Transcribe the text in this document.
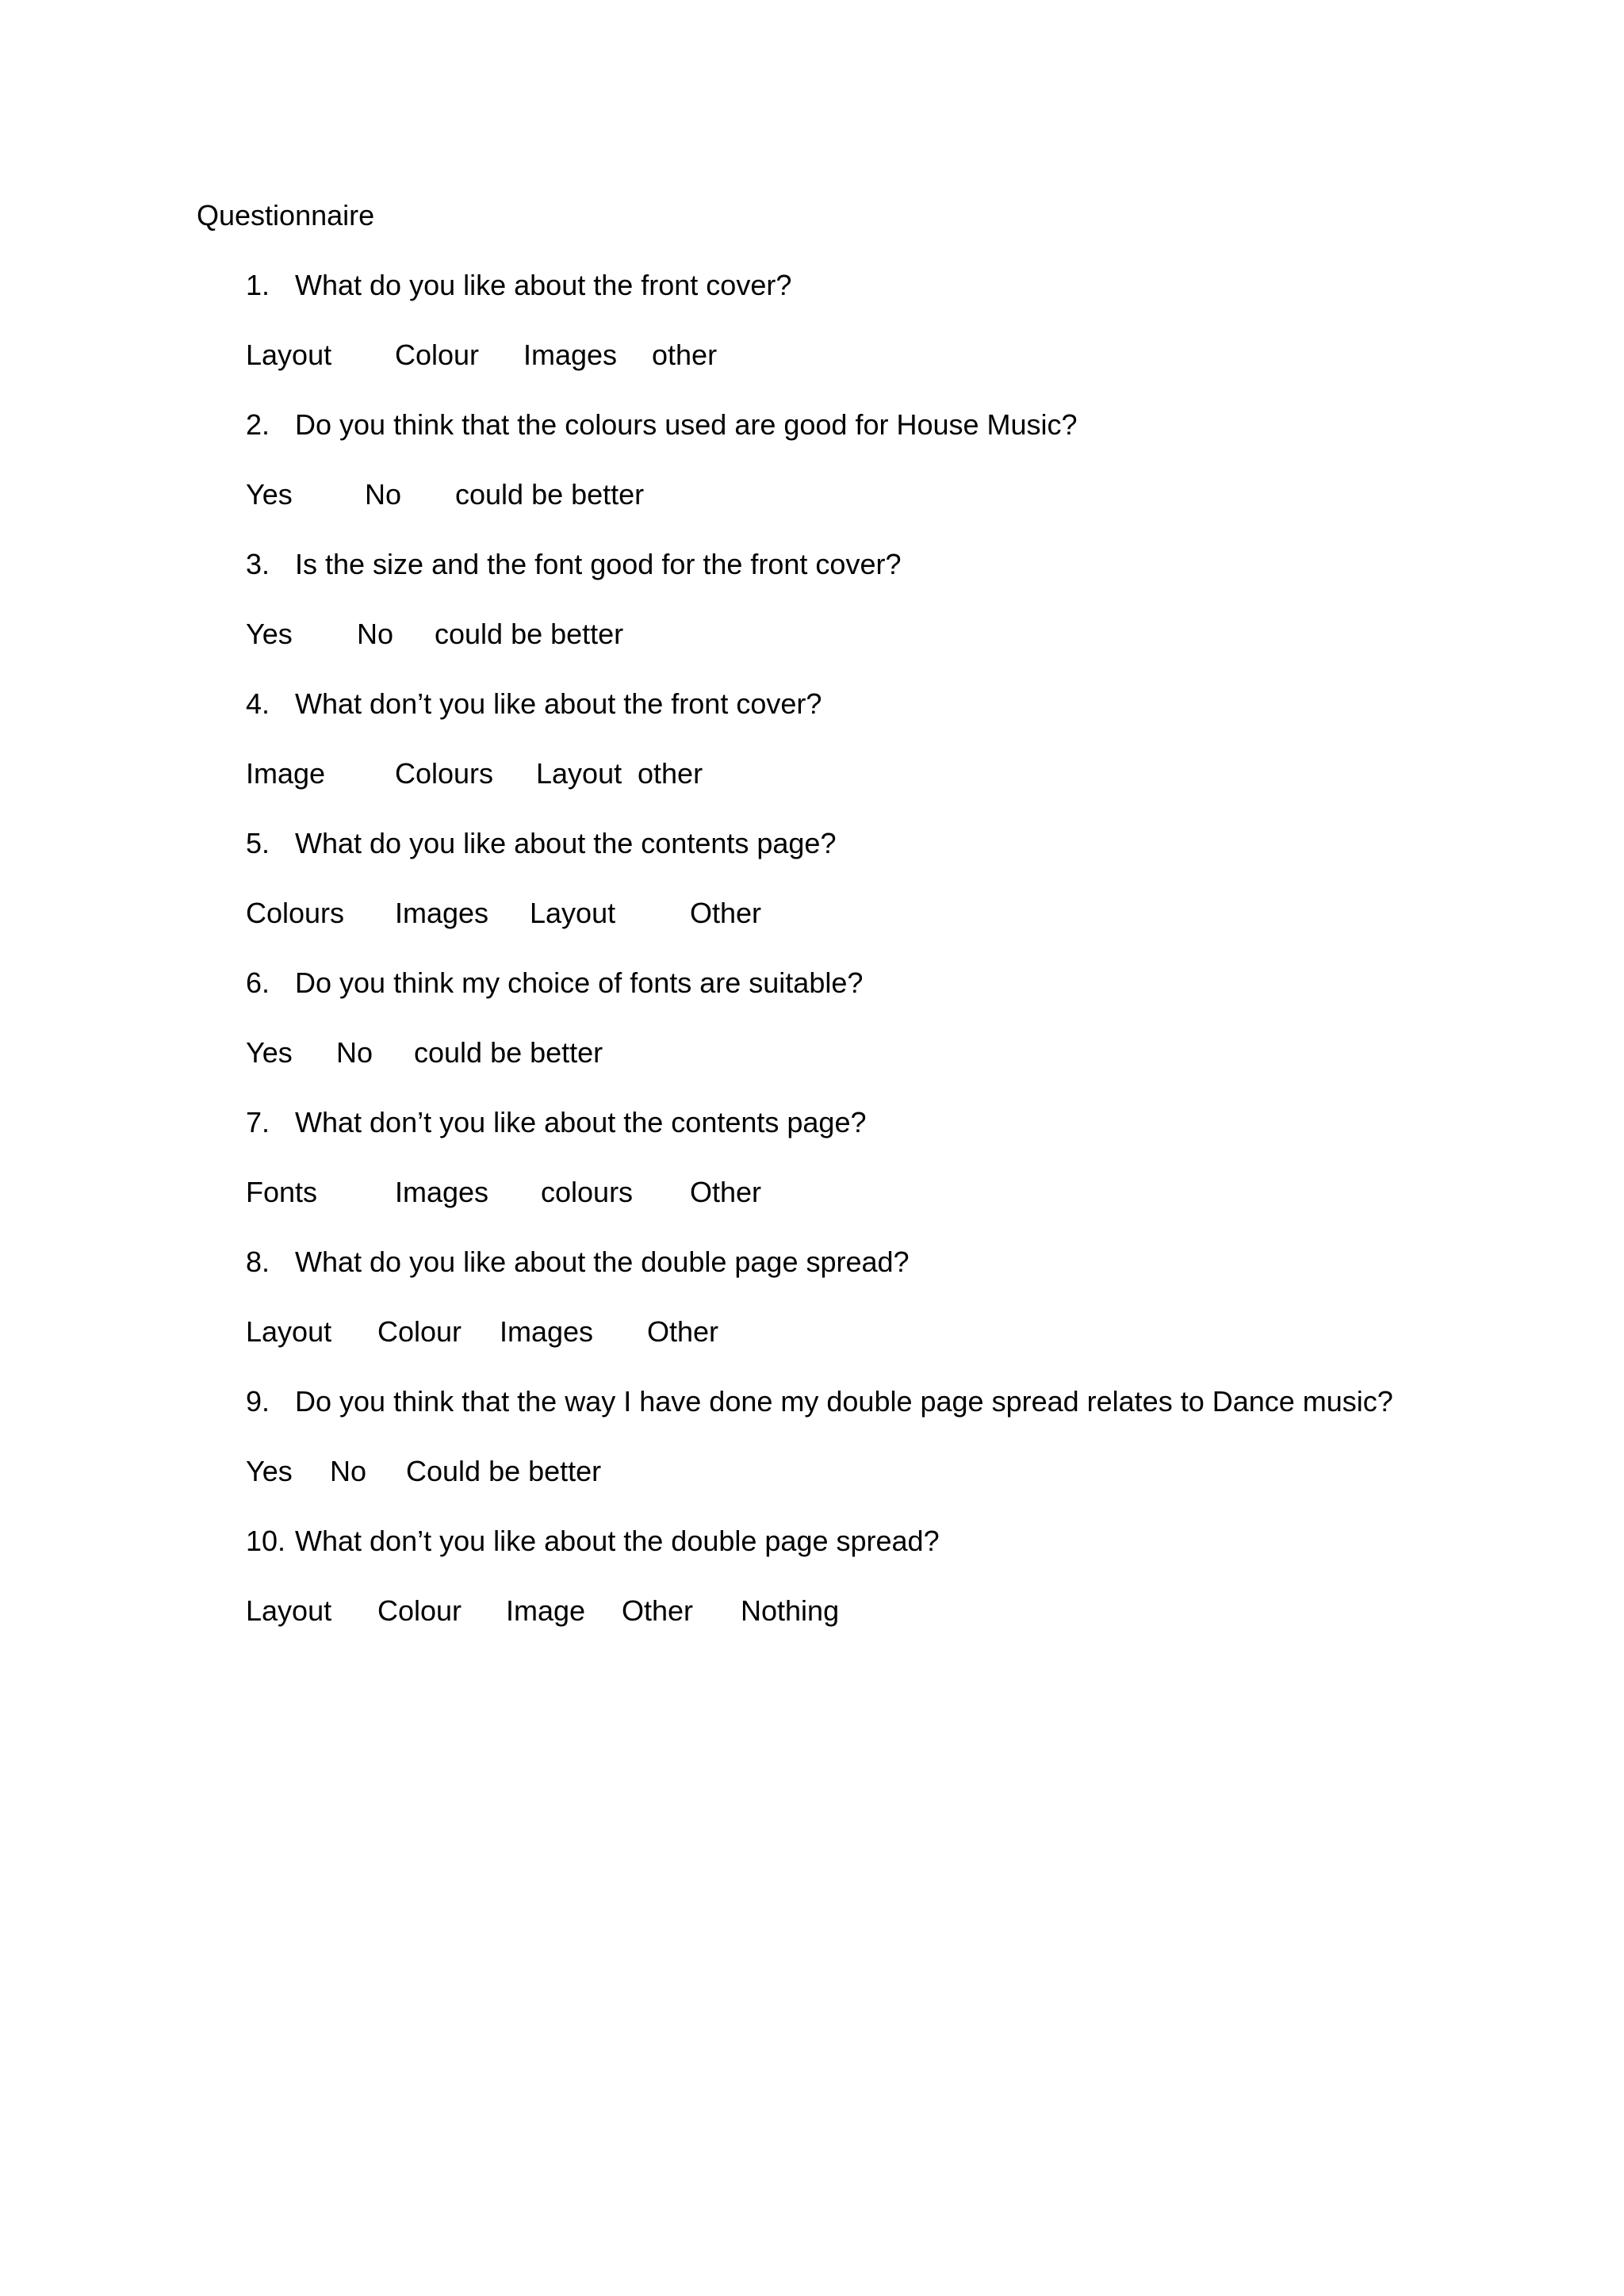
Questionnaire
1. What do you like about the front cover?
Layout Colour Images other
2. Do you think that the colours used are good for House Music?
Yes	No could be better
3. Is the size and the font good for the front cover?
Yes No could be better
4. What don’t you like about the front cover?
Image Colours Layout other
5. What do you like about the contents page?
Colours Images Layout	Other
6. Do you think my choice of fonts are suitable?
Yes No could be better
7. What don’t you like about the contents page?
Fonts	Images colours Other
8. What do you like about the double page spread?
Layout Colour Images Other
9. Do you think that the way I have done my double page spread relates to Dance music?
Yes No Could be better
10. What don’t you like about the double page spread?
Layout Colour Image Other Nothing
